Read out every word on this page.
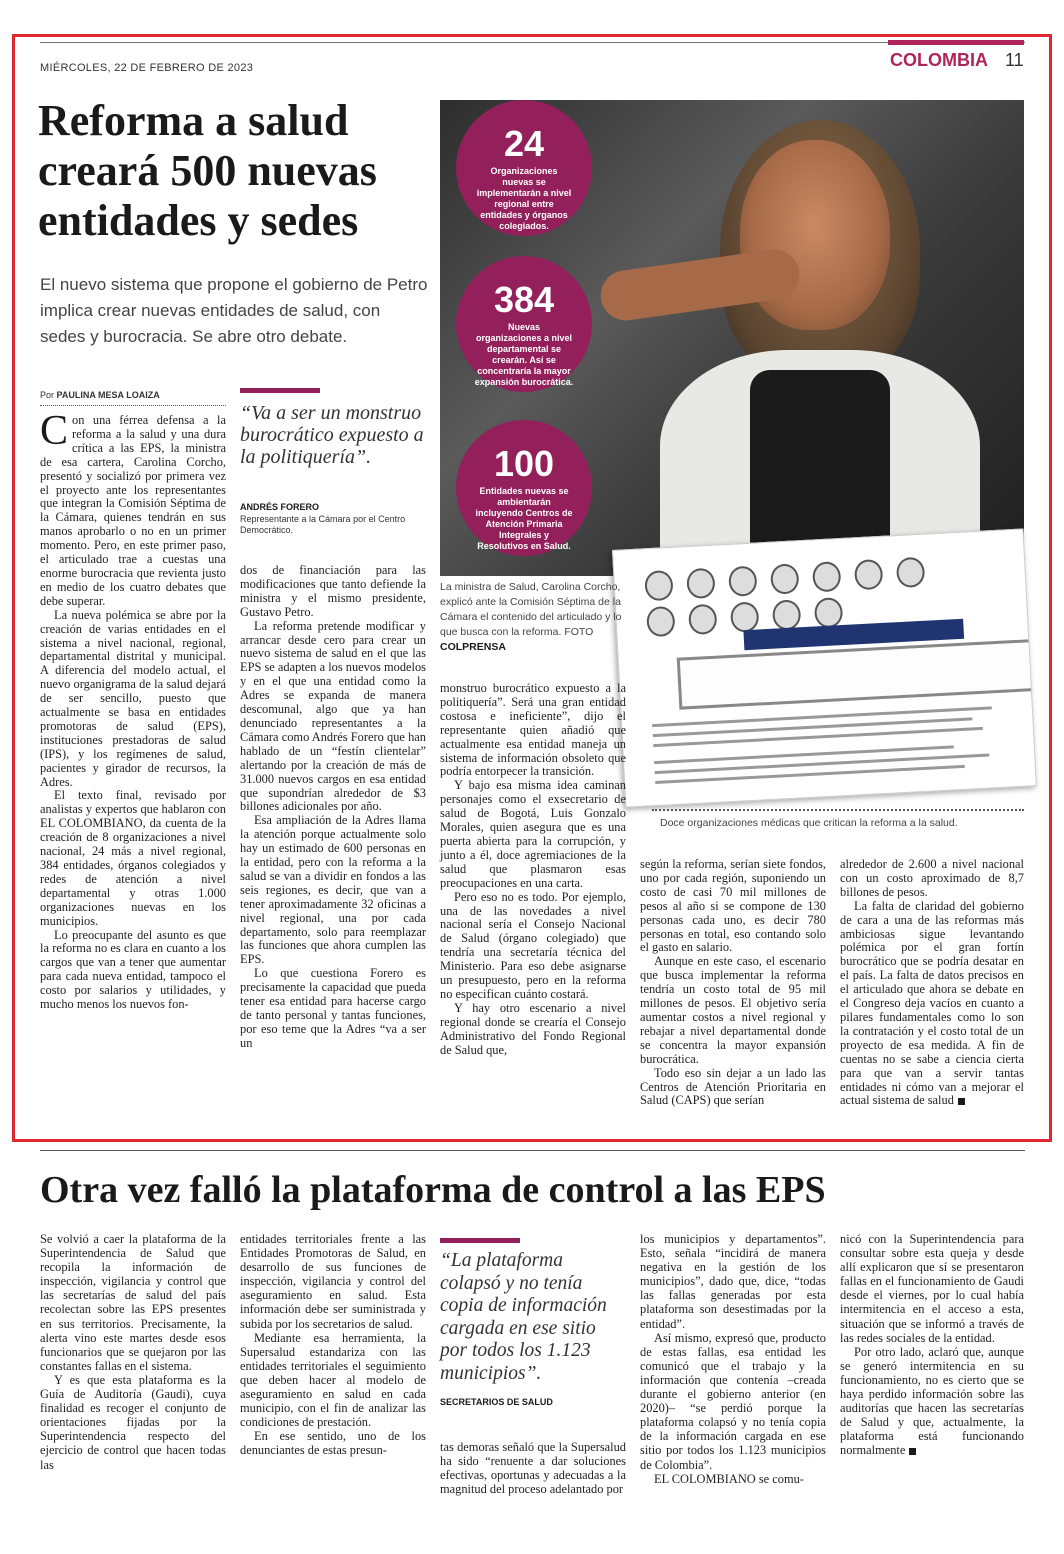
MIÉRCOLES, 22 DE FEBRERO DE 2023	COLOMBIA 11
Reforma a salud creará 500 nuevas entidades y sedes

El nuevo sistema que propone el gobierno de Petro implica crear nuevas entidades de salud, con sedes y burocracia. Se abre otro debate.

24
Organizaciones nuevas se implementarán a nivel regional entre entidades y órganos colegiados.
384
Nuevas organizaciones a nivel departamental se crearán. Así se concentraría la mayor expansión burocrática.
100
Entidades nuevas se ambientarán incluyendo Centros de Atención Primaria Integrales y Resolutivos en Salud.

La ministra de Salud, Carolina Corcho, explicó ante la Comisión Séptima de la Cámara el contenido del articulado y lo que busca con la reforma. FOTO COLPRENSA

Doce organizaciones médicas que critican la reforma a la salud.

Por PAULINA MESA LOAIZA

“Va a ser un monstruo burocrático expuesto a la politiquería”.

ANDRÉS FORERO

Representante a la Cámara por el Centro Democrático.

Con una férrea defensa a la reforma a la salud y una dura crítica a las EPS, la ministra de esa cartera, Carolina Corcho, presentó y socializó por primera vez el proyecto ante los representantes que integran la Comisión Séptima de la Cámara, quienes tendrán en sus manos aprobarlo o no en un primer momento. Pero, en este primer paso, el articulado trae a cuestas una enorme burocracia que revienta justo en medio de los cuatro debates que debe superar.

La nueva polémica se abre por la creación de varias entidades en el sistema a nivel nacional, regional, departamental distrital y municipal. A diferencia del modelo actual, el nuevo organigrama de la salud dejará de ser sencillo, puesto que actualmente se basa en entidades promotoras de salud (EPS), instituciones prestadoras de salud (IPS), y los regímenes de salud, pacientes y girador de recursos, la Adres.

El texto final, revisado por analistas y expertos que hablaron con EL COLOMBIANO, da cuenta de la creación de 8 organizaciones a nivel nacional, 24 más a nivel regional, 384 entidades, órganos colegiados y redes de atención a nivel departamental y otras 1.000 organizaciones nuevas en los municipios.

Lo preocupante del asunto es que la reforma no es clara en cuanto a los cargos que van a tener que aumentar para cada nueva entidad, tampoco el costo por salarios y utilidades, y mucho menos los nuevos fon-

dos de financiación para las modificaciones que tanto defiende la ministra y el mismo presidente, Gustavo Petro.

La reforma pretende modificar y arrancar desde cero para crear un nuevo sistema de salud en el que las EPS se adapten a los nuevos modelos y en el que una entidad como la Adres se expanda de manera descomunal, algo que ya han denunciado representantes a la Cámara como Andrés Forero que han hablado de un “festín clientelar” alertando por la creación de más de 31.000 nuevos cargos en esa entidad que supondrían alrededor de $3 billones adicionales por año.

Esa ampliación de la Adres llama la atención porque actualmente solo hay un estimado de 600 personas en la entidad, pero con la reforma a la salud se van a dividir en fondos a las seis regiones, es decir, que van a tener aproximadamente 32 oficinas a nivel regional, una por cada departamento, solo para reemplazar las funciones que ahora cumplen las EPS.

Lo que cuestiona Forero es precisamente la capacidad que pueda tener esa entidad para hacerse cargo de tanto personal y tantas funciones, por eso teme que la Adres “va a ser un

monstruo burocrático expuesto a la politiquería”. Será una gran entidad costosa e ineficiente”, dijo el representante quien añadió que actualmente esa entidad maneja un sistema de información obsoleto que podría entorpecer la transición.

Y bajo esa misma idea caminan personajes como el exsecretario de salud de Bogotá, Luis Gonzalo Morales, quien asegura que es una puerta abierta para la corrupción, y junto a él, doce agremiaciones de la salud que plasmaron esas preocupaciones en una carta.

Pero eso no es todo. Por ejemplo, una de las novedades a nivel nacional sería el Consejo Nacional de Salud (órgano colegiado) que tendría una secretaría técnica del Ministerio. Para eso debe asignarse un presupuesto, pero en la reforma no especifican cuánto costará.

Y hay otro escenario a nivel regional donde se crearía el Consejo Administrativo del Fondo Regional de Salud que,

según la reforma, serían siete fondos, uno por cada región, suponiendo un costo de casi 70 mil millones de pesos al año si se compone de 130 personas cada uno, es decir 780 personas en total, eso contando solo el gasto en salario.

Aunque en este caso, el escenario que busca implementar la reforma tendría un costo total de 95 mil millones de pesos. El objetivo sería aumentar costos a nivel regional y rebajar a nivel departamental donde se concentra la mayor expansión burocrática.

Todo eso sin dejar a un lado las Centros de Atención Prioritaria en Salud (CAPS) que serían

alrededor de 2.600 a nivel nacional con un costo aproximado de 8,7 billones de pesos.

La falta de claridad del gobierno de cara a una de las reformas más ambiciosas sigue levantando polémica por el gran fortín burocrático que se podría desatar en el país. La falta de datos precisos en el articulado que ahora se debate en el Congreso deja vacíos en cuanto a pilares fundamentales como lo son la contratación y el costo total de un proyecto de esa medida. A fin de cuentas no se sabe a ciencia cierta para que van a servir tantas entidades ni cómo van a mejorar el actual sistema de salud

Otra vez falló la plataforma de control a las EPS

Se volvió a caer la plataforma de la Superintendencia de Salud que recopila la información de inspección, vigilancia y control que las secretarías de salud del país recolectan sobre las EPS presentes en sus territorios. Precisamente, la alerta vino este martes desde esos funcionarios que se quejaron por las constantes fallas en el sistema.

Y es que esta plataforma es la Guía de Auditoría (Gaudi), cuya finalidad es recoger el conjunto de orientaciones fijadas por la Superintendencia respecto del ejercicio de control que hacen todas las

entidades territoriales frente a las Entidades Promotoras de Salud, en desarrollo de sus funciones de inspección, vigilancia y control del aseguramiento en salud. Esta información debe ser suministrada y subida por los secretarios de salud.

Mediante esa herramienta, la Supersalud estandariza con las entidades territoriales el seguimiento que deben hacer al modelo de aseguramiento en salud en cada municipio, con el fin de analizar las condiciones de prestación.

En ese sentido, uno de los denunciantes de estas presun-

“La plataforma colapsó y no tenía copia de información cargada en ese sitio por todos los 1.123 municipios”.

SECRETARIOS DE SALUD

tas demoras señaló que la Supersalud ha sido “renuente a dar soluciones efectivas, oportunas y adecuadas a la magnitud del proceso adelantado por

los municipios y departamentos”. Esto, señala “incidirá de manera negativa en la gestión de los municipios”, dado que, dice, “todas las fallas generadas por esta plataforma son desestimadas por la entidad”.

Así mismo, expresó que, producto de estas fallas, esa entidad les comunicó que el trabajo y la información que contenía –creada durante el gobierno anterior (en 2020)– “se perdió porque la plataforma colapsó y no tenía copia de la información cargada en ese sitio por todos los 1.123 municipios de Colombia”.

EL COLOMBIANO se comu-

nicó con la Superintendencia para consultar sobre esta queja y desde allí explicaron que sí se presentaron fallas en el funcionamiento de Gaudi desde el viernes, por lo cual había intermitencia en el acceso a esta, situación que se informó a través de las redes sociales de la entidad.

Por otro lado, aclaró que, aunque se generó intermitencia en su funcionamiento, no es cierto que se haya perdido información sobre las auditorías que hacen las secretarías de Salud y que, actualmente, la plataforma está funcionando normalmente
